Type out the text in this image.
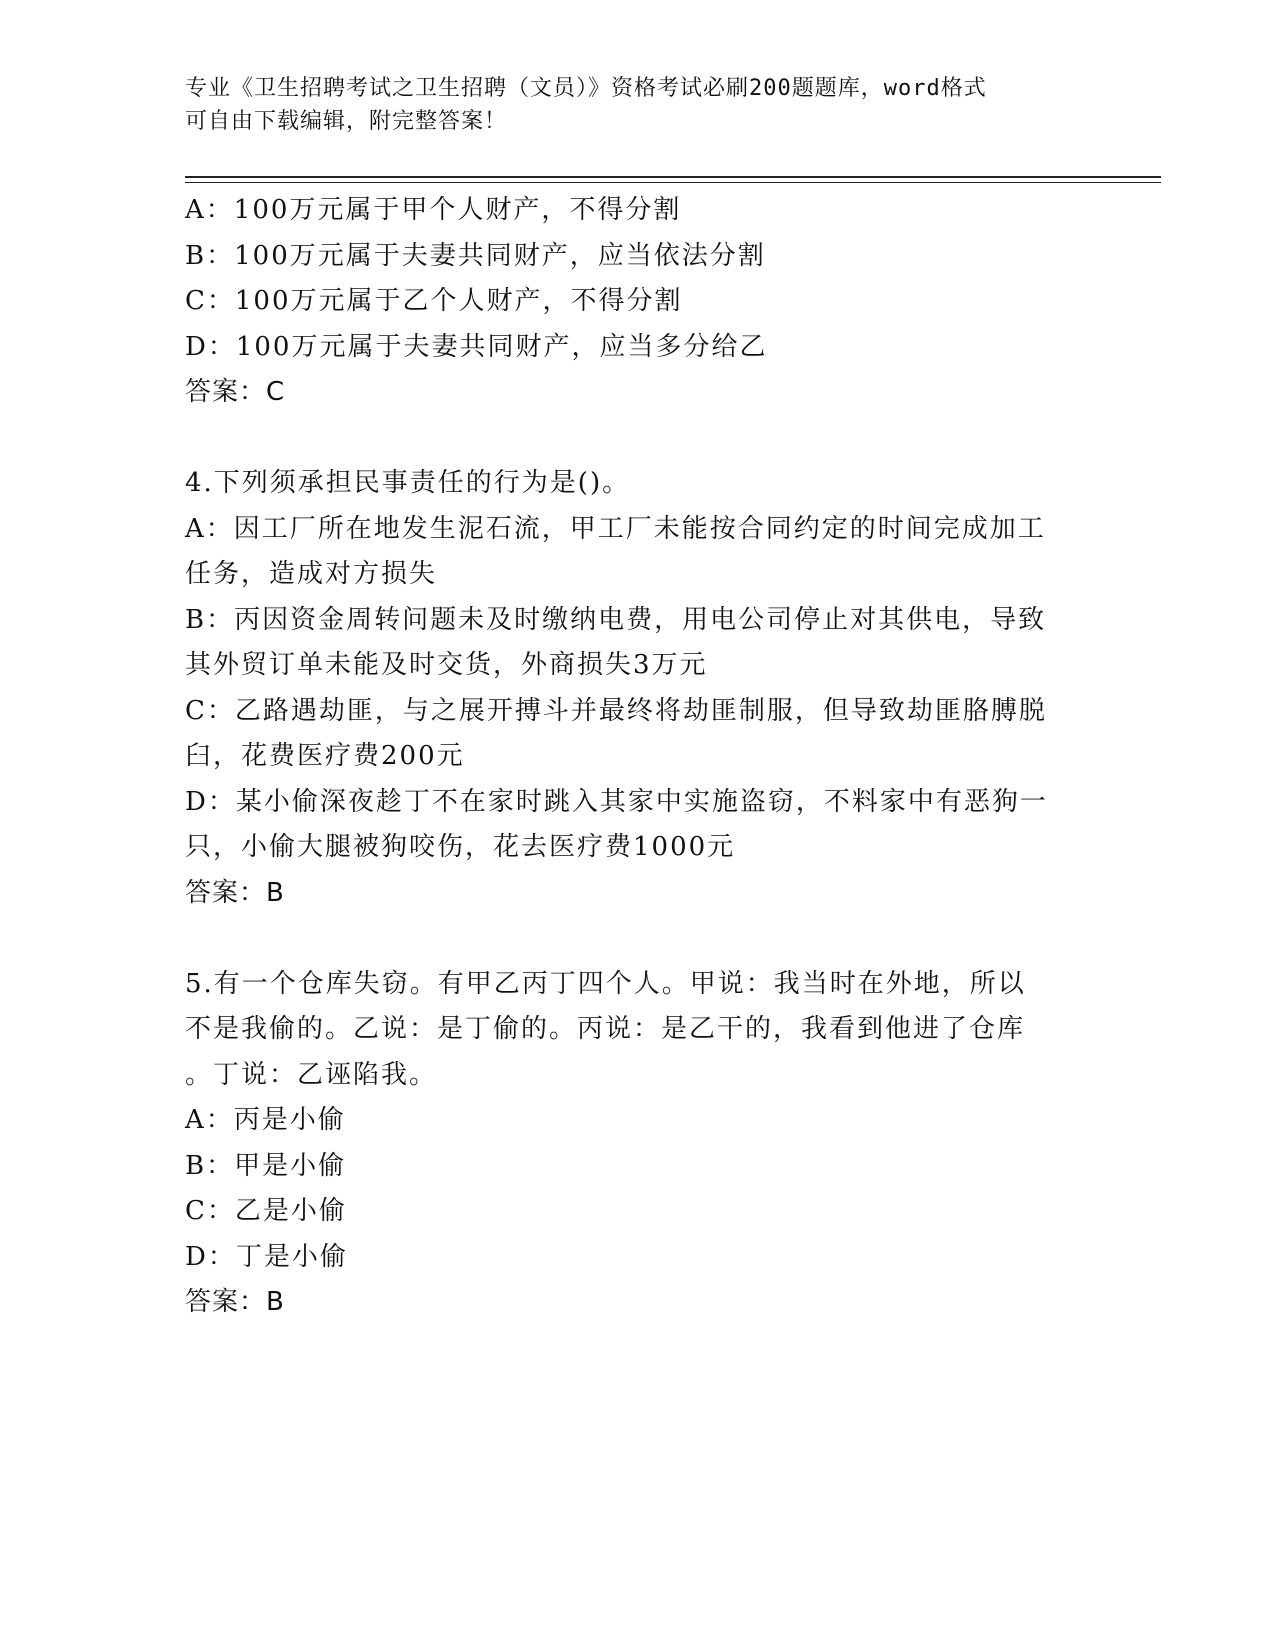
专业《卫生招聘考试之卫生招聘（文员）》资格考试必刷200题题库，word格式
可自由下载编辑，附完整答案！
A：100万元属于甲个人财产，不得分割
B：100万元属于夫妻共同财产，应当依法分割
C：100万元属于乙个人财产，不得分割
D：100万元属于夫妻共同财产，应当多分给乙
答案：C
4.下列须承担民事责任的行为是()。
A：因工厂所在地发生泥石流，甲工厂未能按合同约定的时间完成加工
任务，造成对方损失
B：丙因资金周转问题未及时缴纳电费，用电公司停止对其供电，导致
其外贸订单未能及时交货，外商损失3万元
C：乙路遇劫匪，与之展开搏斗并最终将劫匪制服，但导致劫匪胳膊脱
臼，花费医疗费200元
D：某小偷深夜趁丁不在家时跳入其家中实施盗窃，不料家中有恶狗一
只，小偷大腿被狗咬伤，花去医疗费1000元
答案：B
5.有一个仓库失窃。有甲乙丙丁四个人。甲说：我当时在外地，所以
不是我偷的。乙说：是丁偷的。丙说：是乙干的，我看到他进了仓库
。丁说：乙诬陷我。
A：丙是小偷
B：甲是小偷
C：乙是小偷
D：丁是小偷
答案：B
